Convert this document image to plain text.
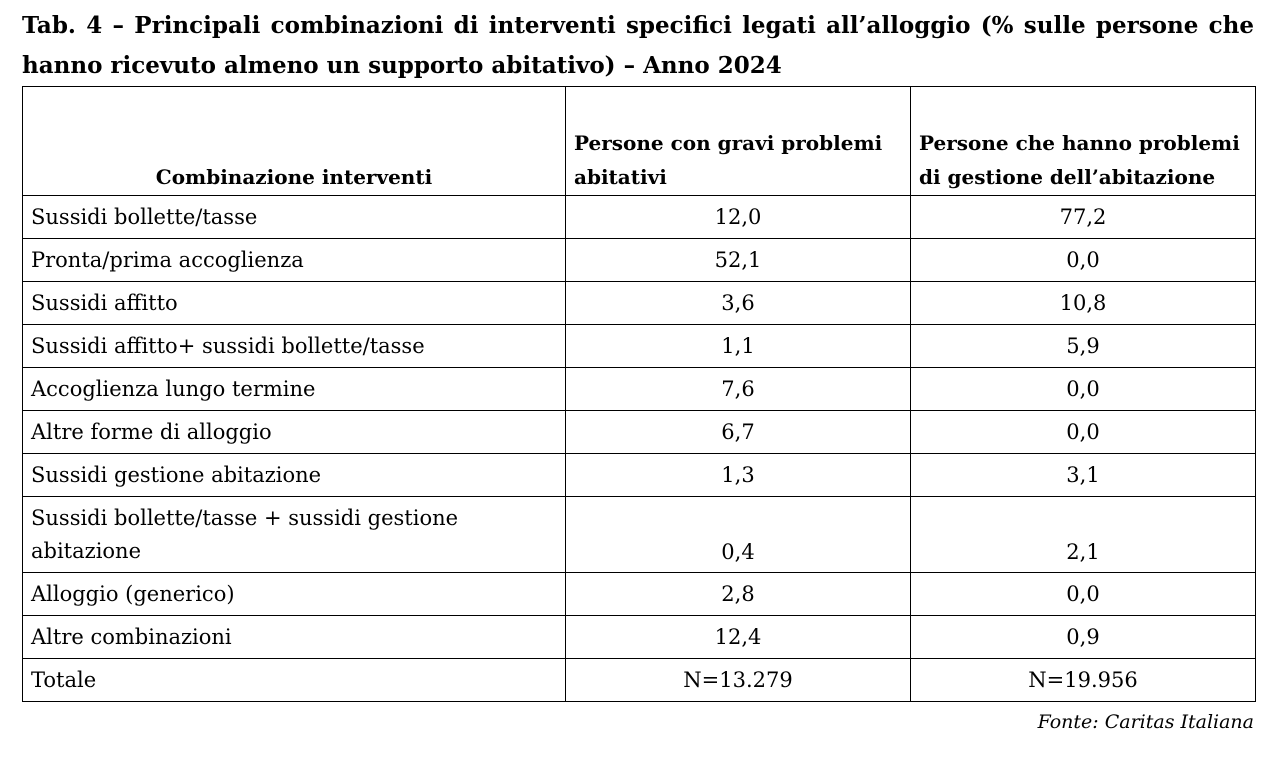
Tab. 4 – Principali combinazioni di interventi specifici legati all’alloggio (% sulle persone che hanno ricevuto almeno un supporto abitativo) – Anno 2024

Combinazione interventi	Persone con gravi problemi abitativi	Persone che hanno problemi di gestione dell’abitazione
Sussidi bollette/tasse	12,0	77,2
Pronta/prima accoglienza	52,1	0,0
Sussidi affitto	3,6	10,8
Sussidi affitto+ sussidi bollette/tasse	1,1	5,9
Accoglienza lungo termine	7,6	0,0
Altre forme di alloggio	6,7	0,0
Sussidi gestione abitazione	1,3	3,1
Sussidi bollette/tasse + sussidi gestione abitazione	0,4	2,1
Alloggio (generico)	2,8	0,0
Altre combinazioni	12,4	0,9
Totale	N=13.279	N=19.956
Fonte: Caritas Italiana
